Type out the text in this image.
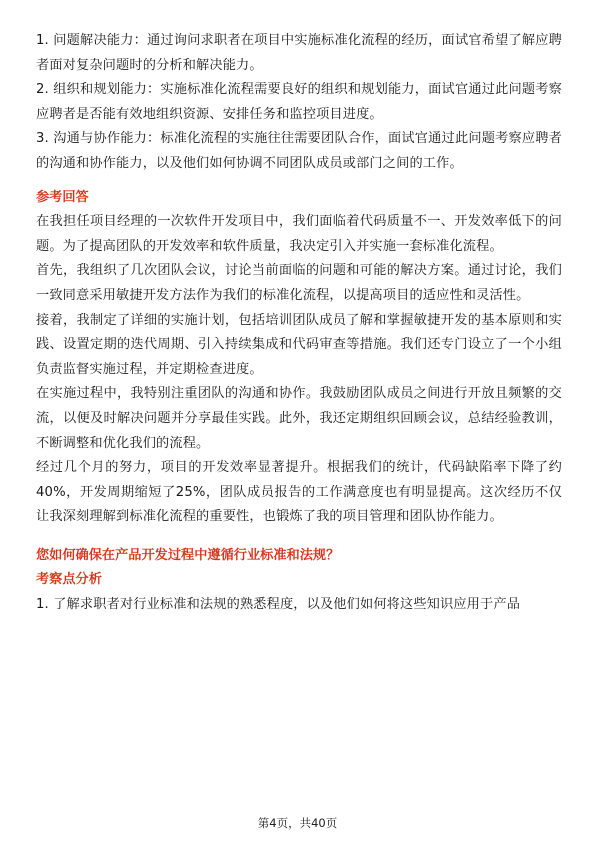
1. 问题解决能力：通过询问求职者在项目中实施标准化流程的经历，面试官希望了解应聘者面对复杂问题时的分析和解决能力。

2. 组织和规划能力：实施标准化流程需要良好的组织和规划能力，面试官通过此问题考察应聘者是否能有效地组织资源、安排任务和监控项目进度。

3. 沟通与协作能力：标准化流程的实施往往需要团队合作，面试官通过此问题考察应聘者的沟通和协作能力，以及他们如何协调不同团队成员或部门之间的工作。

参考回答

在我担任项目经理的一次软件开发项目中，我们面临着代码质量不一、开发效率低下的问题。为了提高团队的开发效率和软件质量，我决定引入并实施一套标准化流程。

首先，我组织了几次团队会议，讨论当前面临的问题和可能的解决方案。通过讨论，我们一致同意采用敏捷开发方法作为我们的标准化流程，以提高项目的适应性和灵活性。

接着，我制定了详细的实施计划，包括培训团队成员了解和掌握敏捷开发的基本原则和实践、设置定期的迭代周期、引入持续集成和代码审查等措施。我们还专门设立了一个小组负责监督实施过程，并定期检查进度。

在实施过程中，我特别注重团队的沟通和协作。我鼓励团队成员之间进行开放且频繁的交流，以便及时解决问题并分享最佳实践。此外，我还定期组织回顾会议，总结经验教训，不断调整和优化我们的流程。

经过几个月的努力，项目的开发效率显著提升。根据我们的统计，代码缺陷率下降了约40%，开发周期缩短了25%，团队成员报告的工作满意度也有明显提高。这次经历不仅让我深刻理解到标准化流程的重要性，也锻炼了我的项目管理和团队协作能力。

您如何确保在产品开发过程中遵循行业标准和法规？
考察点分析

1. 了解求职者对行业标准和法规的熟悉程度，以及他们如何将这些知识应用于产品

第4页，共40页
